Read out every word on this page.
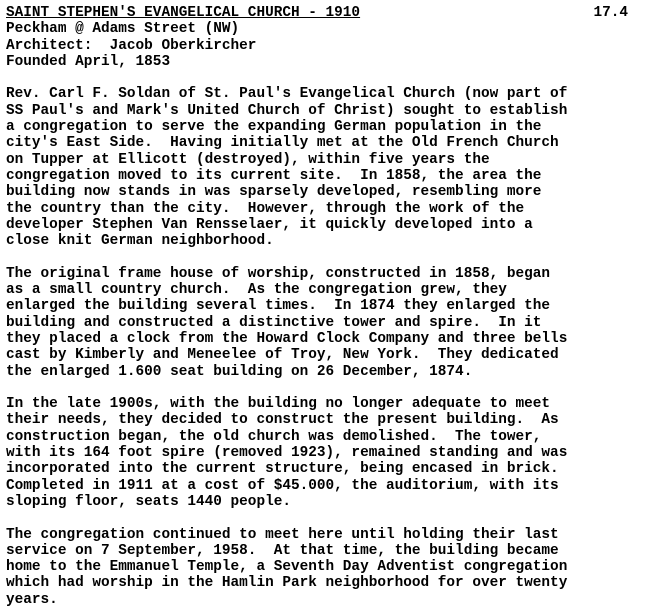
SAINT STEPHEN'S EVANGELICAL CHURCH - 1910	17.4
Peckham @ Adams Street (NW)
Architect:  Jacob Oberkircher
Founded April, 1853

Rev. Carl F. Soldan of St. Paul's Evangelical Church (now part of
SS Paul's and Mark's United Church of Christ) sought to establish
a congregation to serve the expanding German population in the
city's East Side.  Having initially met at the Old French Church
on Tupper at Ellicott (destroyed), within five years the
congregation moved to its current site.  In 1858, the area the
building now stands in was sparsely developed, resembling more
the country than the city.  However, through the work of the
developer Stephen Van Rensselaer, it quickly developed into a
close knit German neighborhood.

The original frame house of worship, constructed in 1858, began
as a small country church.  As the congregation grew, they
enlarged the building several times.  In 1874 they enlarged the
building and constructed a distinctive tower and spire.  In it
they placed a clock from the Howard Clock Company and three bells
cast by Kimberly and Meneelee of Troy, New York.  They dedicated
the enlarged 1.600 seat building on 26 December, 1874.

In the late 1900s, with the building no longer adequate to meet
their needs, they decided to construct the present building.  As
construction began, the old church was demolished.  The tower,
with its 164 foot spire (removed 1923), remained standing and was
incorporated into the current structure, being encased in brick.
Completed in 1911 at a cost of $45.000, the auditorium, with its
sloping floor, seats 1440 people.

The congregation continued to meet here until holding their last
service on 7 September, 1958.  At that time, the building became
home to the Emmanuel Temple, a Seventh Day Adventist congregation
which had worship in the Hamlin Park neighborhood for over twenty
years.
